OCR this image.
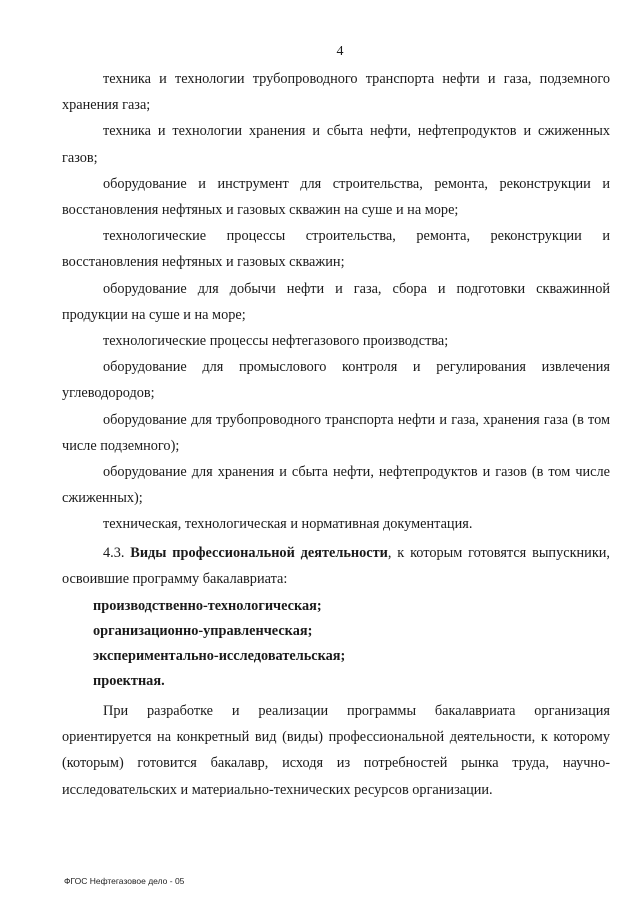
4

техника и технологии трубопроводного транспорта нефти и газа, подземного хранения газа;

техника и технологии хранения и сбыта нефти, нефтепродуктов и сжиженных газов;

оборудование и инструмент для строительства, ремонта, реконструкции и восстановления нефтяных и газовых скважин на суше и на море;

технологические процессы строительства, ремонта, реконструкции и восстановления нефтяных и газовых скважин;

оборудование для добычи нефти и газа, сбора и подготовки скважинной продукции на суше и на море;

технологические процессы нефтегазового производства;

оборудование для промыслового контроля и регулирования извлечения углеводородов;

оборудование для трубопроводного транспорта нефти и газа, хранения газа (в том числе подземного);

оборудование для хранения и сбыта нефти, нефтепродуктов и газов (в том числе сжиженных);

техническая, технологическая и нормативная документация.

4.3. Виды профессиональной деятельности, к которым готовятся выпускники, освоившие программу бакалавриата:

производственно-технологическая;

организационно-управленческая;

экспериментально-исследовательская;

проектная.

При разработке и реализации программы бакалавриата организация ориентируется на конкретный вид (виды) профессиональной деятельности, к которому (которым) готовится бакалавр, исходя из потребностей рынка труда, научно-исследовательских и материально-технических ресурсов организации.

ФГОС Нефтегазовое дело - 05
